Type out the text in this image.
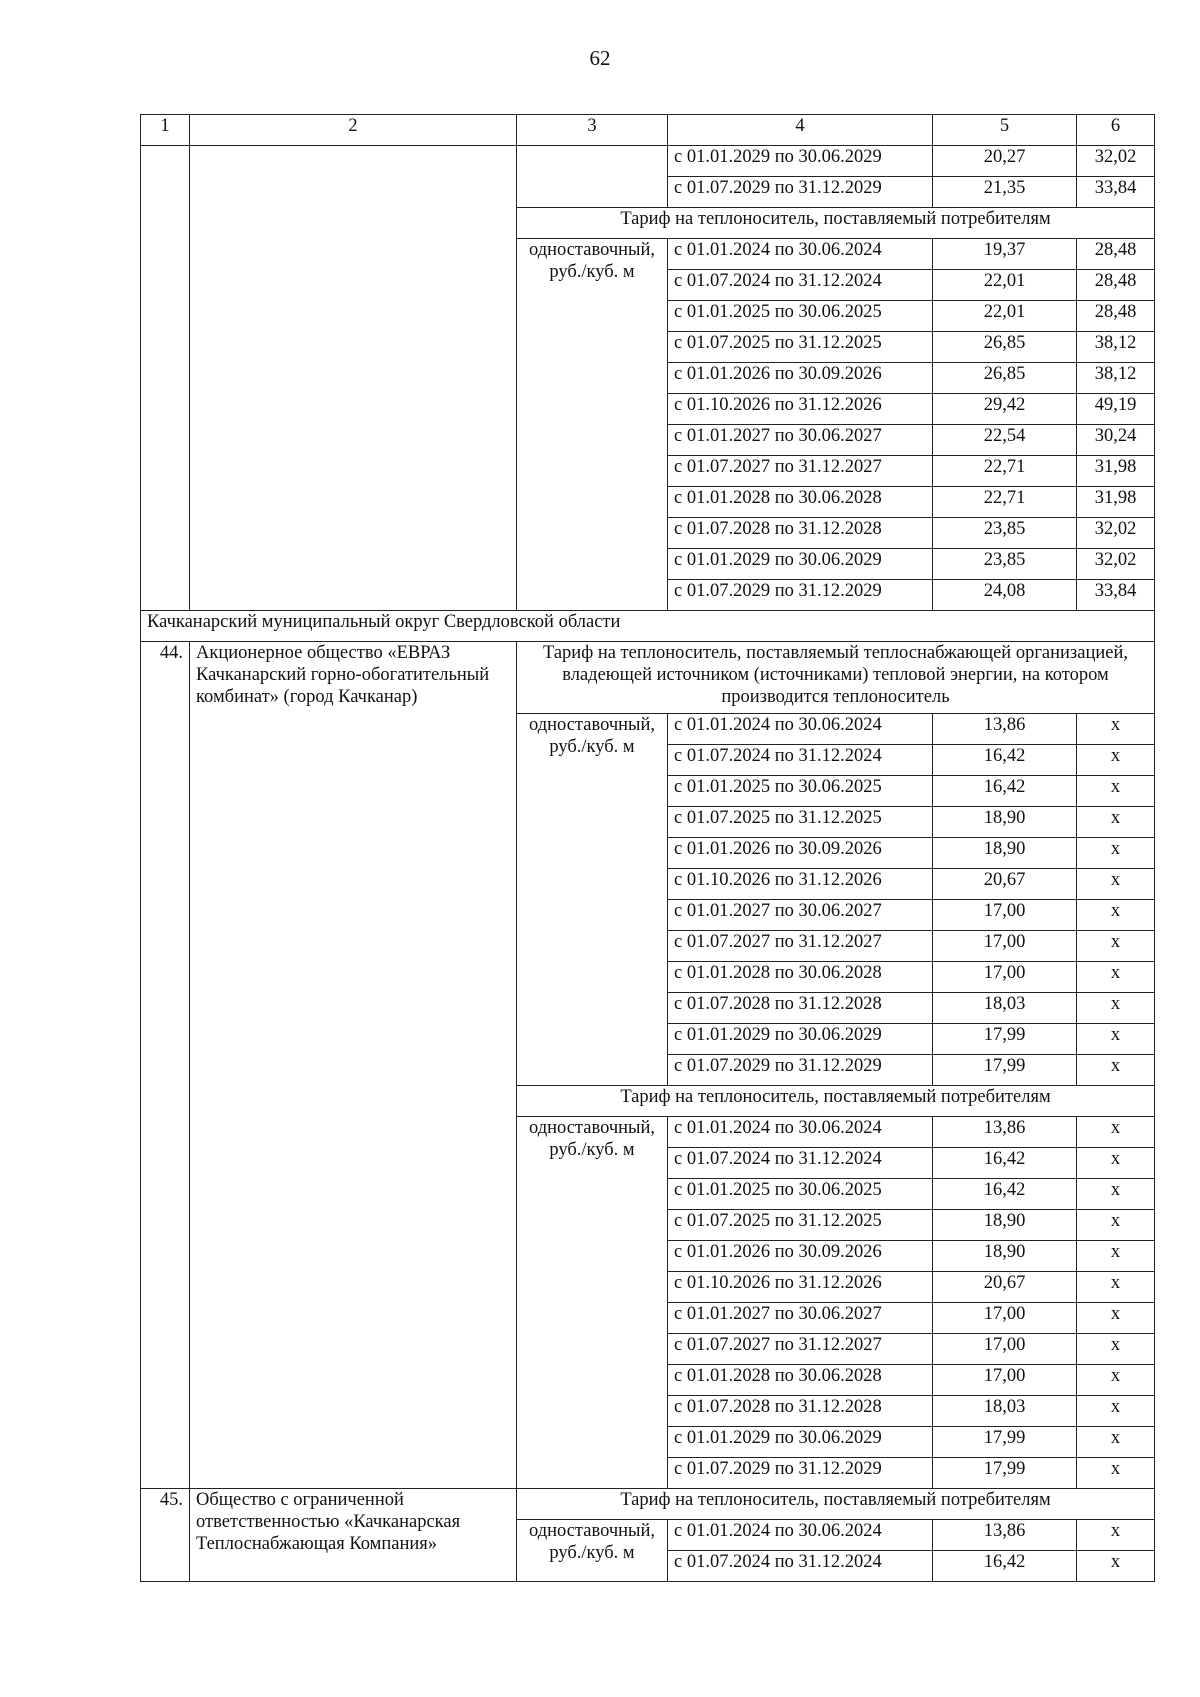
62
1	2	3	4	5	6
			с 01.01.2029 по 30.06.2029	20,27	32,02
			с 01.07.2029 по 31.12.2029	21,35	33,84
		Тариф на теплоноситель, поставляемый потребителям			
		одноставочный, руб./куб. м	с 01.01.2024 по 30.06.2024	19,37	28,48
			с 01.07.2024 по 31.12.2024	22,01	28,48
			с 01.01.2025 по 30.06.2025	22,01	28,48
			с 01.07.2025 по 31.12.2025	26,85	38,12
			с 01.01.2026 по 30.09.2026	26,85	38,12
			с 01.10.2026 по 31.12.2026	29,42	49,19
			с 01.01.2027 по 30.06.2027	22,54	30,24
			с 01.07.2027 по 31.12.2027	22,71	31,98
			с 01.01.2028 по 30.06.2028	22,71	31,98
			с 01.07.2028 по 31.12.2028	23,85	32,02
			с 01.01.2029 по 30.06.2029	23,85	32,02
			с 01.07.2029 по 31.12.2029	24,08	33,84
Качканарский муниципальный округ Свердловской области					
44.	Акционерное общество «ЕВРАЗ Качканарский горно-обогатительный комбинат» (город Качканар)	Тариф на теплоноситель, поставляемый теплоснабжающей организацией, владеющей источником (источниками) тепловой энергии, на котором производится теплоноситель			
		одноставочный, руб./куб. м	с 01.01.2024 по 30.06.2024	13,86	х
			с 01.07.2024 по 31.12.2024	16,42	х
			с 01.01.2025 по 30.06.2025	16,42	х
			с 01.07.2025 по 31.12.2025	18,90	х
			с 01.01.2026 по 30.09.2026	18,90	х
			с 01.10.2026 по 31.12.2026	20,67	х
			с 01.01.2027 по 30.06.2027	17,00	х
			с 01.07.2027 по 31.12.2027	17,00	х
			с 01.01.2028 по 30.06.2028	17,00	х
			с 01.07.2028 по 31.12.2028	18,03	х
			с 01.01.2029 по 30.06.2029	17,99	х
			с 01.07.2029 по 31.12.2029	17,99	х
		Тариф на теплоноситель, поставляемый потребителям			
		одноставочный, руб./куб. м	с 01.01.2024 по 30.06.2024	13,86	х
			с 01.07.2024 по 31.12.2024	16,42	х
			с 01.01.2025 по 30.06.2025	16,42	х
			с 01.07.2025 по 31.12.2025	18,90	х
			с 01.01.2026 по 30.09.2026	18,90	х
			с 01.10.2026 по 31.12.2026	20,67	х
			с 01.01.2027 по 30.06.2027	17,00	х
			с 01.07.2027 по 31.12.2027	17,00	х
			с 01.01.2028 по 30.06.2028	17,00	х
			с 01.07.2028 по 31.12.2028	18,03	х
			с 01.01.2029 по 30.06.2029	17,99	х
			с 01.07.2029 по 31.12.2029	17,99	х
45.	Общество с ограниченной ответственностью «Качканарская Теплоснабжающая Компания»	Тариф на теплоноситель, поставляемый потребителям			
		одноставочный, руб./куб. м	с 01.01.2024 по 30.06.2024	13,86	х
			с 01.07.2024 по 31.12.2024	16,42	х
